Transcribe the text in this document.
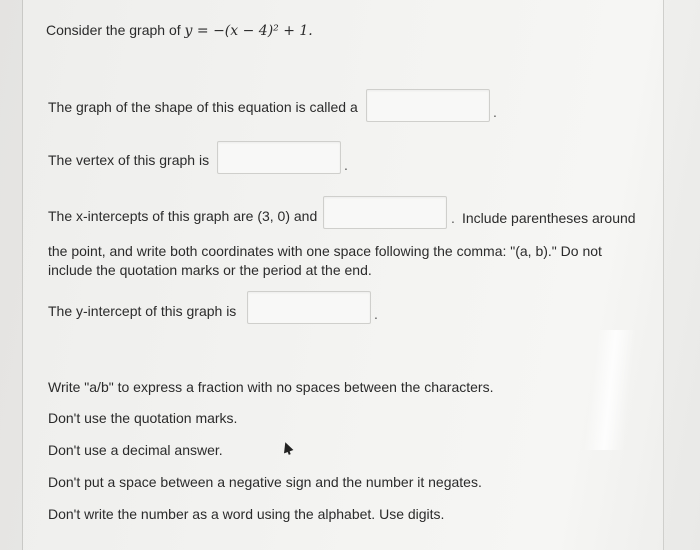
Consider the graph of y = −(x − 4)² + 1.
The graph of the shape of this equation is called a	.
The vertex of this graph is	.
The x-intercepts of this graph are (3, 0) and	. Include parentheses around
the point, and write both coordinates with one space following the comma: "(a, b)." Do not include the quotation marks or the period at the end.
The y-intercept of this graph is	.
Write "a/b" to express a fraction with no spaces between the characters.
Don't use the quotation marks.
Don't use a decimal answer.
Don't put a space between a negative sign and the number it negates.
Don't write the number as a word using the alphabet. Use digits.
